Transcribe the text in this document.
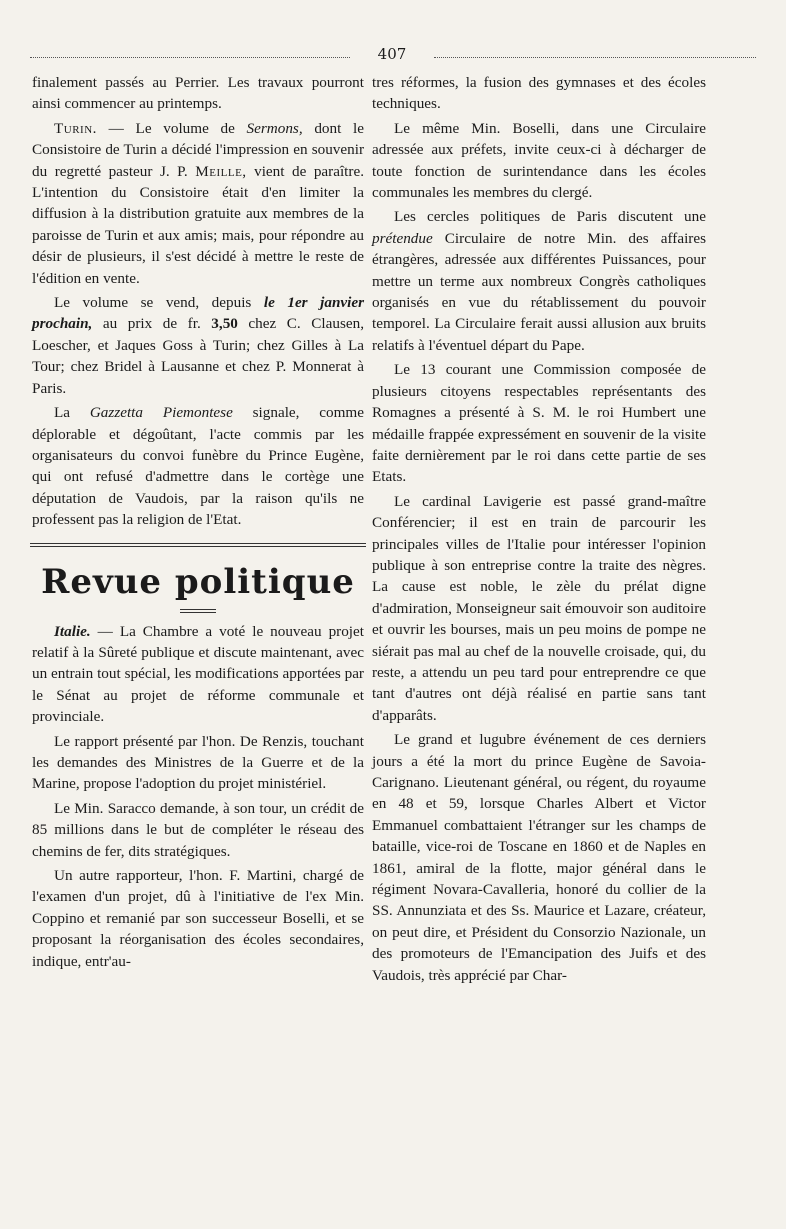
407

finalement passés au Perrier. Les travaux pourront ainsi commencer au printemps.

Turin. — Le volume de Sermons, dont le Consistoire de Turin a décidé l'impression en souvenir du regretté pasteur J. P. Meille, vient de paraître. L'intention du Consistoire était d'en limiter la diffusion à la distribution gratuite aux membres de la paroisse de Turin et aux amis; mais, pour répondre au désir de plusieurs, il s'est décidé à mettre le reste de l'édition en vente.

Le volume se vend, depuis le 1er janvier prochain, au prix de fr. 3,50 chez C. Clausen, Loescher, et Jaques Goss à Turin; chez Gilles à La Tour; chez Bridel à Lausanne et chez P. Monnerat à Paris.

La Gazzetta Piemontese signale, comme déplorable et dégoûtant, l'acte commis par les organisateurs du convoi funèbre du Prince Eugène, qui ont refusé d'admettre dans le cortège une députation de Vaudois, par la raison qu'ils ne professent pas la religion de l'Etat.

Revue politique

Italie. — La Chambre a voté le nouveau projet relatif à la Sûreté publique et discute maintenant, avec un entrain tout spécial, les modifications apportées par le Sénat au projet de réforme communale et provinciale.

Le rapport présenté par l'hon. De Renzis, touchant les demandes des Ministres de la Guerre et de la Marine, propose l'adoption du projet ministériel.

Le Min. Saracco demande, à son tour, un crédit de 85 millions dans le but de compléter le réseau des chemins de fer, dits stratégiques.

Un autre rapporteur, l'hon. F. Martini, chargé de l'examen d'un projet, dû à l'initiative de l'ex Min. Coppino et remanié par son successeur Boselli, et se proposant la réorganisation des écoles secondaires, indique, entr'au-

tres réformes, la fusion des gymnases et des écoles techniques.

Le même Min. Boselli, dans une Circulaire adressée aux préfets, invite ceux-ci à décharger de toute fonction de surintendance dans les écoles communales les membres du clergé.

Les cercles politiques de Paris discutent une prétendue Circulaire de notre Min. des affaires étrangères, adressée aux différentes Puissances, pour mettre un terme aux nombreux Congrès catholiques organisés en vue du rétablissement du pouvoir temporel. La Circulaire ferait aussi allusion aux bruits relatifs à l'éventuel départ du Pape.

Le 13 courant une Commission composée de plusieurs citoyens respectables représentants des Romagnes a présenté à S. M. le roi Humbert une médaille frappée expressément en souvenir de la visite faite dernièrement par le roi dans cette partie de ses Etats.

Le cardinal Lavigerie est passé grand-maître Conférencier; il est en train de parcourir les principales villes de l'Italie pour intéresser l'opinion publique à son entreprise contre la traite des nègres. La cause est noble, le zèle du prélat digne d'admiration, Monseigneur sait émouvoir son auditoire et ouvrir les bourses, mais un peu moins de pompe ne siérait pas mal au chef de la nouvelle croisade, qui, du reste, a attendu un peu tard pour entreprendre ce que tant d'autres ont déjà réalisé en partie sans tant d'apparâts.

Le grand et lugubre événement de ces derniers jours a été la mort du prince Eugène de Savoia-Carignano. Lieutenant général, ou régent, du royaume en 48 et 59, lorsque Charles Albert et Victor Emmanuel combattaient l'étranger sur les champs de bataille, vice-roi de Toscane en 1860 et de Naples en 1861, amiral de la flotte, major général dans le régiment Novara-Cavalleria, honoré du collier de la SS. Annunziata et des Ss. Maurice et Lazare, créateur, on peut dire, et Président du Consorzio Nazionale, un des promoteurs de l'Emancipation des Juifs et des Vaudois, très apprécié par Char-
